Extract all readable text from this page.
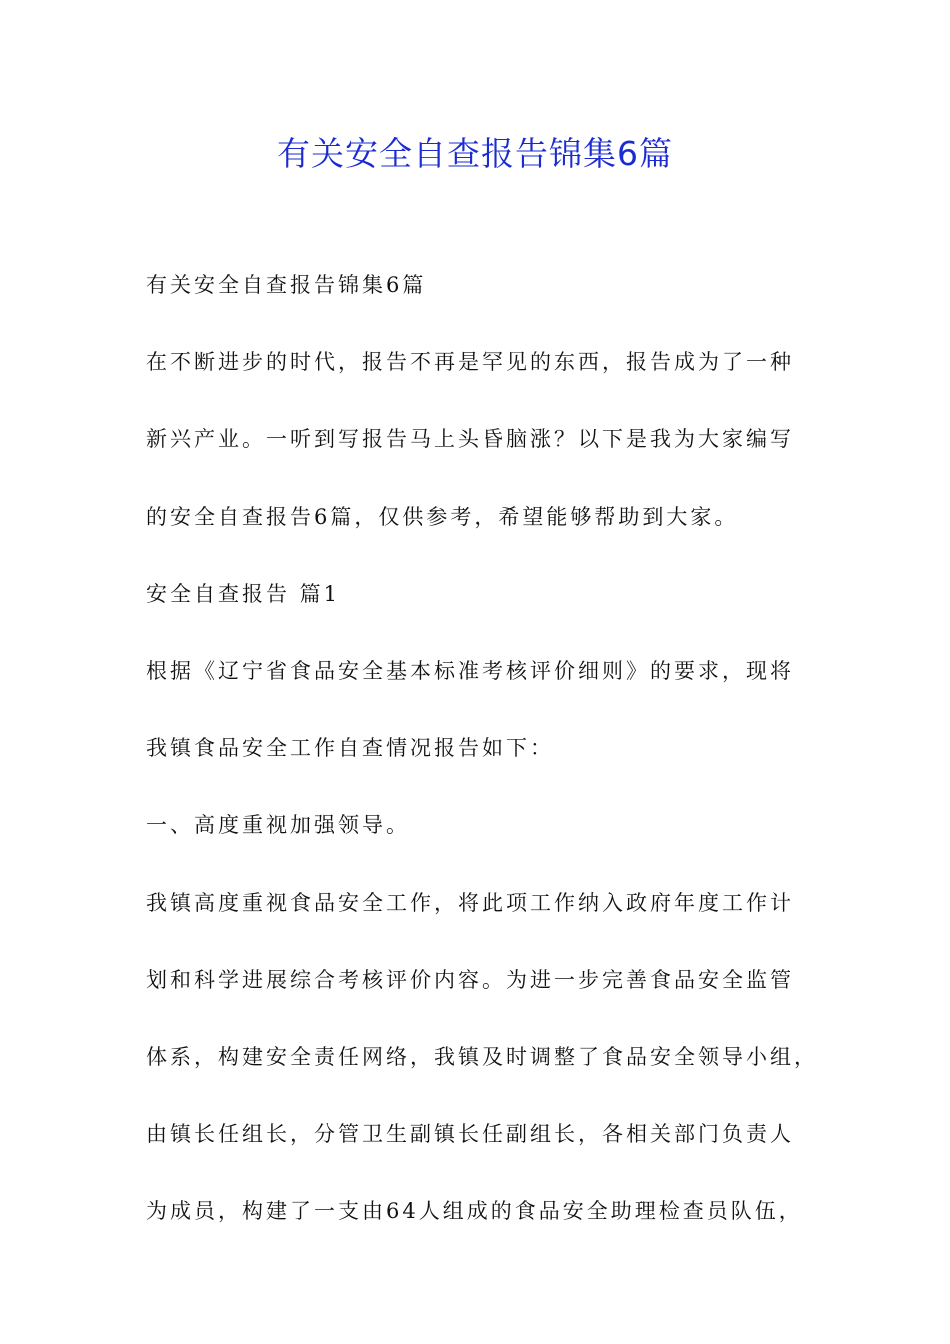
有关安全自查报告锦集6篇
有关安全自查报告锦集6篇
在不断进步的时代，报告不再是罕见的东西，报告成为了一种
新兴产业。一听到写报告马上头昏脑涨？以下是我为大家编写
的安全自查报告6篇，仅供参考，希望能够帮助到大家。
安全自查报告 篇1
根据《辽宁省食品安全基本标准考核评价细则》的要求，现将
我镇食品安全工作自查情况报告如下：
一、高度重视加强领导。
我镇高度重视食品安全工作，将此项工作纳入政府年度工作计
划和科学进展综合考核评价内容。为进一步完善食品安全监管
体系，构建安全责任网络，我镇及时调整了食品安全领导小组，
由镇长任组长，分管卫生副镇长任副组长，各相关部门负责人
为成员，构建了一支由64人组成的食品安全助理检查员队伍，
